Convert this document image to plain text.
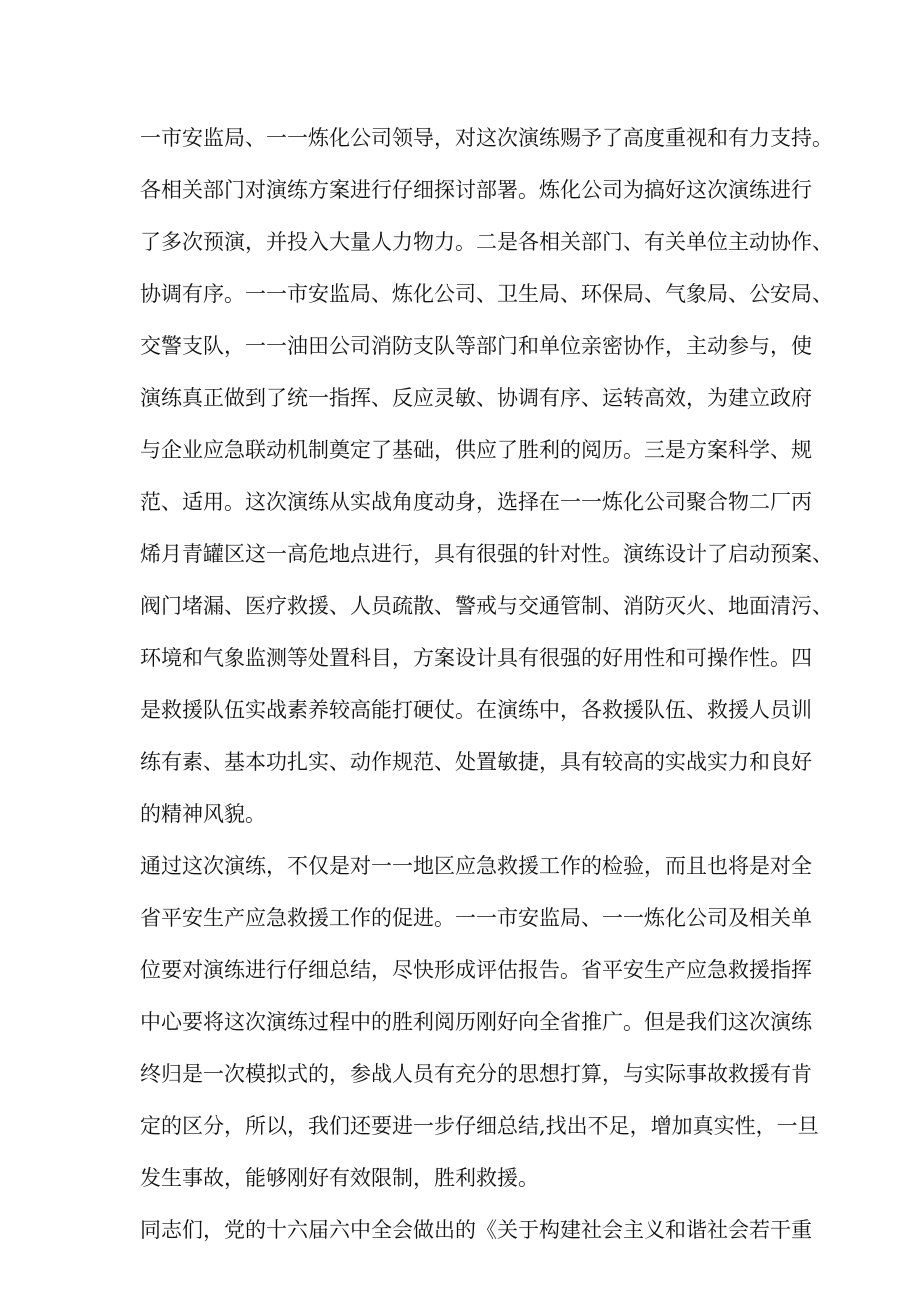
一市安监局、一一炼化公司领导，对这次演练赐予了高度重视和有力支持。
各相关部门对演练方案进行仔细探讨部署。炼化公司为搞好这次演练进行
了多次预演，并投入大量人力物力。二是各相关部门、有关单位主动协作、
协调有序。一一市安监局、炼化公司、卫生局、环保局、气象局、公安局、
交警支队，一一油田公司消防支队等部门和单位亲密协作，主动参与，使
演练真正做到了统一指挥、反应灵敏、协调有序、运转高效，为建立政府
与企业应急联动机制奠定了基础，供应了胜利的阅历。三是方案科学、规
范、适用。这次演练从实战角度动身，选择在一一炼化公司聚合物二厂丙
烯月青罐区这一高危地点进行，具有很强的针对性。演练设计了启动预案、
阀门堵漏、医疗救援、人员疏散、警戒与交通管制、消防灭火、地面清污、
环境和气象监测等处置科目，方案设计具有很强的好用性和可操作性。四
是救援队伍实战素养较高能打硬仗。在演练中，各救援队伍、救援人员训
练有素、基本功扎实、动作规范、处置敏捷，具有较高的实战实力和良好
的精神风貌。
通过这次演练，不仅是对一一地区应急救援工作的检验，而且也将是对全
省平安生产应急救援工作的促进。一一市安监局、一一炼化公司及相关单
位要对演练进行仔细总结，尽快形成评估报告。省平安生产应急救援指挥
中心要将这次演练过程中的胜利阅历刚好向全省推广。但是我们这次演练
终归是一次模拟式的，参战人员有充分的思想打算，与实际事故救援有肯
定的区分，所以，我们还要进一步仔细总结,找出不足，增加真实性，一旦
发生事故，能够刚好有效限制，胜利救援。
同志们，党的十六届六中全会做出的《关于构建社会主义和谐社会若干重
